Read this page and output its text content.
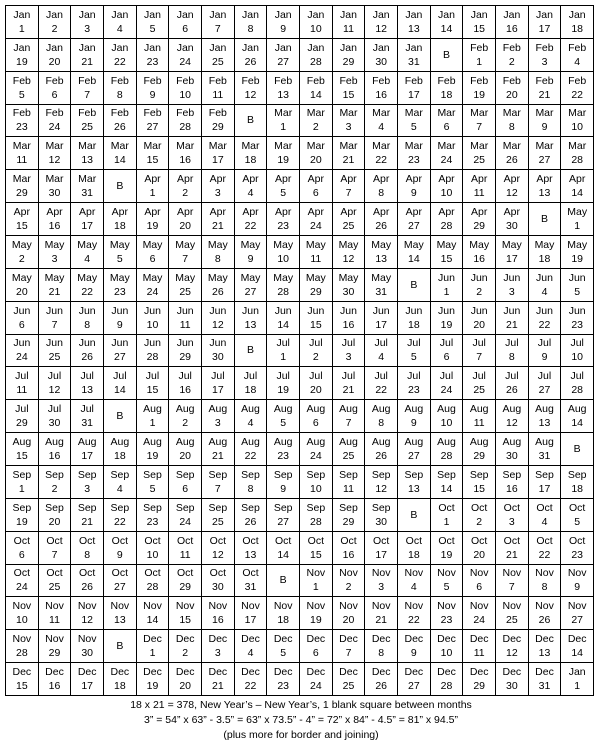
Jan
1
Jan
2
Jan
3
Jan
4
Jan
5
Jan
6
Jan
7
Jan
8
Jan
9
Jan
10
Jan
11
Jan
12
Jan
13
Jan
14
Jan
15
Jan
16
Jan
17
Jan
18
Jan
19
Jan
20
Jan
21
Jan
22
Jan
23
Jan
24
Jan
25
Jan
26
Jan
27
Jan
28
Jan
29
Jan
30
Jan
31
B
Feb
1
Feb
2
Feb
3
Feb
4
Feb
5
Feb
6
Feb
7
Feb
8
Feb
9
Feb
10
Feb
11
Feb
12
Feb
13
Feb
14
Feb
15
Feb
16
Feb
17
Feb
18
Feb
19
Feb
20
Feb
21
Feb
22
Feb
23
Feb
24
Feb
25
Feb
26
Feb
27
Feb
28
Feb
29
B
Mar
1
Mar
2
Mar
3
Mar
4
Mar
5
Mar
6
Mar
7
Mar
8
Mar
9
Mar
10
Mar
11
Mar
12
Mar
13
Mar
14
Mar
15
Mar
16
Mar
17
Mar
18
Mar
19
Mar
20
Mar
21
Mar
22
Mar
23
Mar
24
Mar
25
Mar
26
Mar
27
Mar
28
Mar
29
Mar
30
Mar
31
B
Apr
1
Apr
2
Apr
3
Apr
4
Apr
5
Apr
6
Apr
7
Apr
8
Apr
9
Apr
10
Apr
11
Apr
12
Apr
13
Apr
14
Apr
15
Apr
16
Apr
17
Apr
18
Apr
19
Apr
20
Apr
21
Apr
22
Apr
23
Apr
24
Apr
25
Apr
26
Apr
27
Apr
28
Apr
29
Apr
30
B
May
1
May
2
May
3
May
4
May
5
May
6
May
7
May
8
May
9
May
10
May
11
May
12
May
13
May
14
May
15
May
16
May
17
May
18
May
19
May
20
May
21
May
22
May
23
May
24
May
25
May
26
May
27
May
28
May
29
May
30
May
31
B
Jun
1
Jun
2
Jun
3
Jun
4
Jun
5
Jun
6
Jun
7
Jun
8
Jun
9
Jun
10
Jun
11
Jun
12
Jun
13
Jun
14
Jun
15
Jun
16
Jun
17
Jun
18
Jun
19
Jun
20
Jun
21
Jun
22
Jun
23
Jun
24
Jun
25
Jun
26
Jun
27
Jun
28
Jun
29
Jun
30
B
Jul
1
Jul
2
Jul
3
Jul
4
Jul
5
Jul
6
Jul
7
Jul
8
Jul
9
Jul
10
Jul
11
Jul
12
Jul
13
Jul
14
Jul
15
Jul
16
Jul
17
Jul
18
Jul
19
Jul
20
Jul
21
Jul
22
Jul
23
Jul
24
Jul
25
Jul
26
Jul
27
Jul
28
Jul
29
Jul
30
Jul
31
B
Aug
1
Aug
2
Aug
3
Aug
4
Aug
5
Aug
6
Aug
7
Aug
8
Aug
9
Aug
10
Aug
11
Aug
12
Aug
13
Aug
14
Aug
15
Aug
16
Aug
17
Aug
18
Aug
19
Aug
20
Aug
21
Aug
22
Aug
23
Aug
24
Aug
25
Aug
26
Aug
27
Aug
28
Aug
29
Aug
30
Aug
31
B
Sep
1
Sep
2
Sep
3
Sep
4
Sep
5
Sep
6
Sep
7
Sep
8
Sep
9
Sep
10
Sep
11
Sep
12
Sep
13
Sep
14
Sep
15
Sep
16
Sep
17
Sep
18
Sep
19
Sep
20
Sep
21
Sep
22
Sep
23
Sep
24
Sep
25
Sep
26
Sep
27
Sep
28
Sep
29
Sep
30
B
Oct
1
Oct
2
Oct
3
Oct
4
Oct
5
Oct
6
Oct
7
Oct
8
Oct
9
Oct
10
Oct
11
Oct
12
Oct
13
Oct
14
Oct
15
Oct
16
Oct
17
Oct
18
Oct
19
Oct
20
Oct
21
Oct
22
Oct
23
Oct
24
Oct
25
Oct
26
Oct
27
Oct
28
Oct
29
Oct
30
Oct
31
B
Nov
1
Nov
2
Nov
3
Nov
4
Nov
5
Nov
6
Nov
7
Nov
8
Nov
9
Nov
10
Nov
11
Nov
12
Nov
13
Nov
14
Nov
15
Nov
16
Nov
17
Nov
18
Nov
19
Nov
20
Nov
21
Nov
22
Nov
23
Nov
24
Nov
25
Nov
26
Nov
27
Nov
28
Nov
29
Nov
30
B
Dec
1
Dec
2
Dec
3
Dec
4
Dec
5
Dec
6
Dec
7
Dec
8
Dec
9
Dec
10
Dec
11
Dec
12
Dec
13
Dec
14
Dec
15
Dec
16
Dec
17
Dec
18
Dec
19
Dec
20
Dec
21
Dec
22
Dec
23
Dec
24
Dec
25
Dec
26
Dec
27
Dec
28
Dec
29
Dec
30
Dec
31
Jan
1
18 x 21 = 378, New Year’s – New Year’s, 1 blank square between months
3” = 54” x 63” - 3.5” = 63” x 73.5” - 4” = 72” x 84” - 4.5” = 81” x 94.5”
(plus more for border and joining)
